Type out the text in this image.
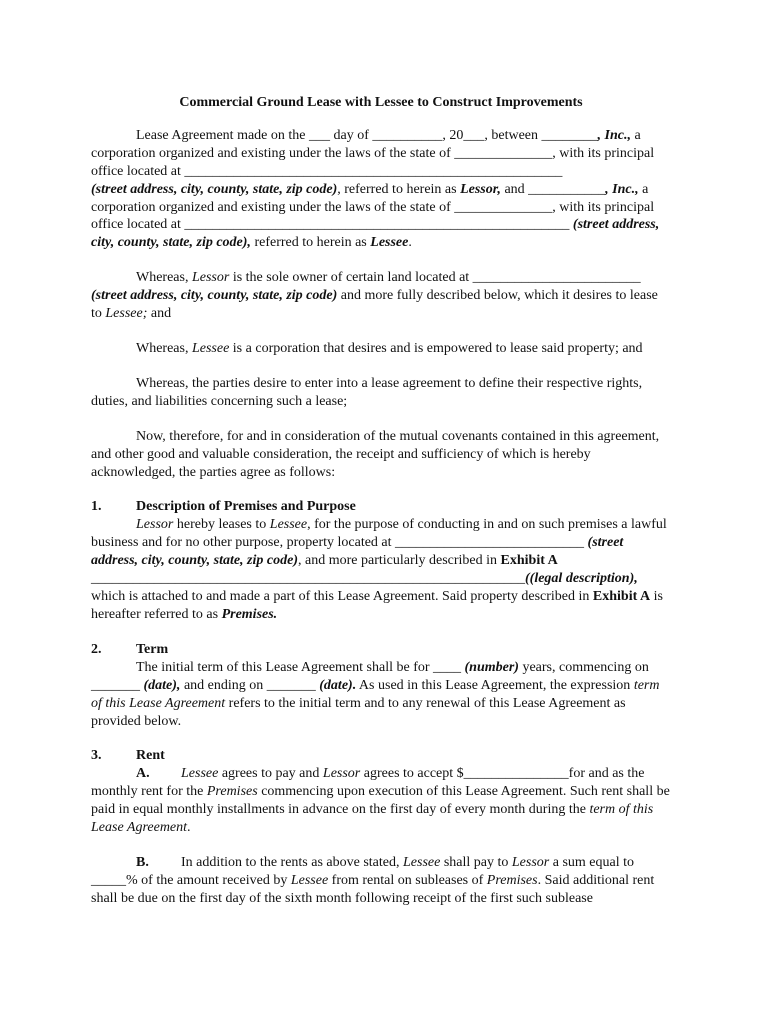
Commercial Ground Lease with Lessee to Construct Improvements

Lease Agreement made on the ___ day of __________, 20___, between ________, Inc., a corporation organized and existing under the laws of the state of ______________, with its principal office located at ______________________________________________________
(street address, city, county, state, zip code), referred to herein as Lessor, and ___________, Inc., a corporation organized and existing under the laws of the state of ______________, with its principal office located at _______________________________________________________ (street address, city, county, state, zip code), referred to herein as Lessee.

Whereas, Lessor is the sole owner of certain land located at ________________________ (street address, city, county, state, zip code) and more fully described below, which it desires to lease to Lessee; and

Whereas, Lessee is a corporation that desires and is empowered to lease said property; and

Whereas, the parties desire to enter into a lease agreement to define their respective rights, duties, and liabilities concerning such a lease;

Now, therefore, for and in consideration of the mutual covenants contained in this agreement, and other good and valuable consideration, the receipt and sufficiency of which is hereby acknowledged, the parties agree as follows:

1. Description of Premises and Purpose

Lessor hereby leases to Lessee, for the purpose of conducting in and on such premises a lawful business and for no other purpose, property located at ___________________________ (street address, city, county, state, zip code), and more particularly described in Exhibit A ______________________________________________________________((legal description), which is attached to and made a part of this Lease Agreement. Said property described in Exhibit A is hereafter referred to as Premises.

2. Term

The initial term of this Lease Agreement shall be for ____ (number) years, commencing on _______ (date), and ending on _______ (date). As used in this Lease Agreement, the expression term of this Lease Agreement refers to the initial term and to any renewal of this Lease Agreement as provided below.

3. Rent

A. Lessee agrees to pay and Lessor agrees to accept $_______________for and as the monthly rent for the Premises commencing upon execution of this Lease Agreement. Such rent shall be paid in equal monthly installments in advance on the first day of every month during the term of this Lease Agreement.

B. In addition to the rents as above stated, Lessee shall pay to Lessor a sum equal to _____% of the amount received by Lessee from rental on subleases of Premises. Said additional rent shall be due on the first day of the sixth month following receipt of the first such sublease
